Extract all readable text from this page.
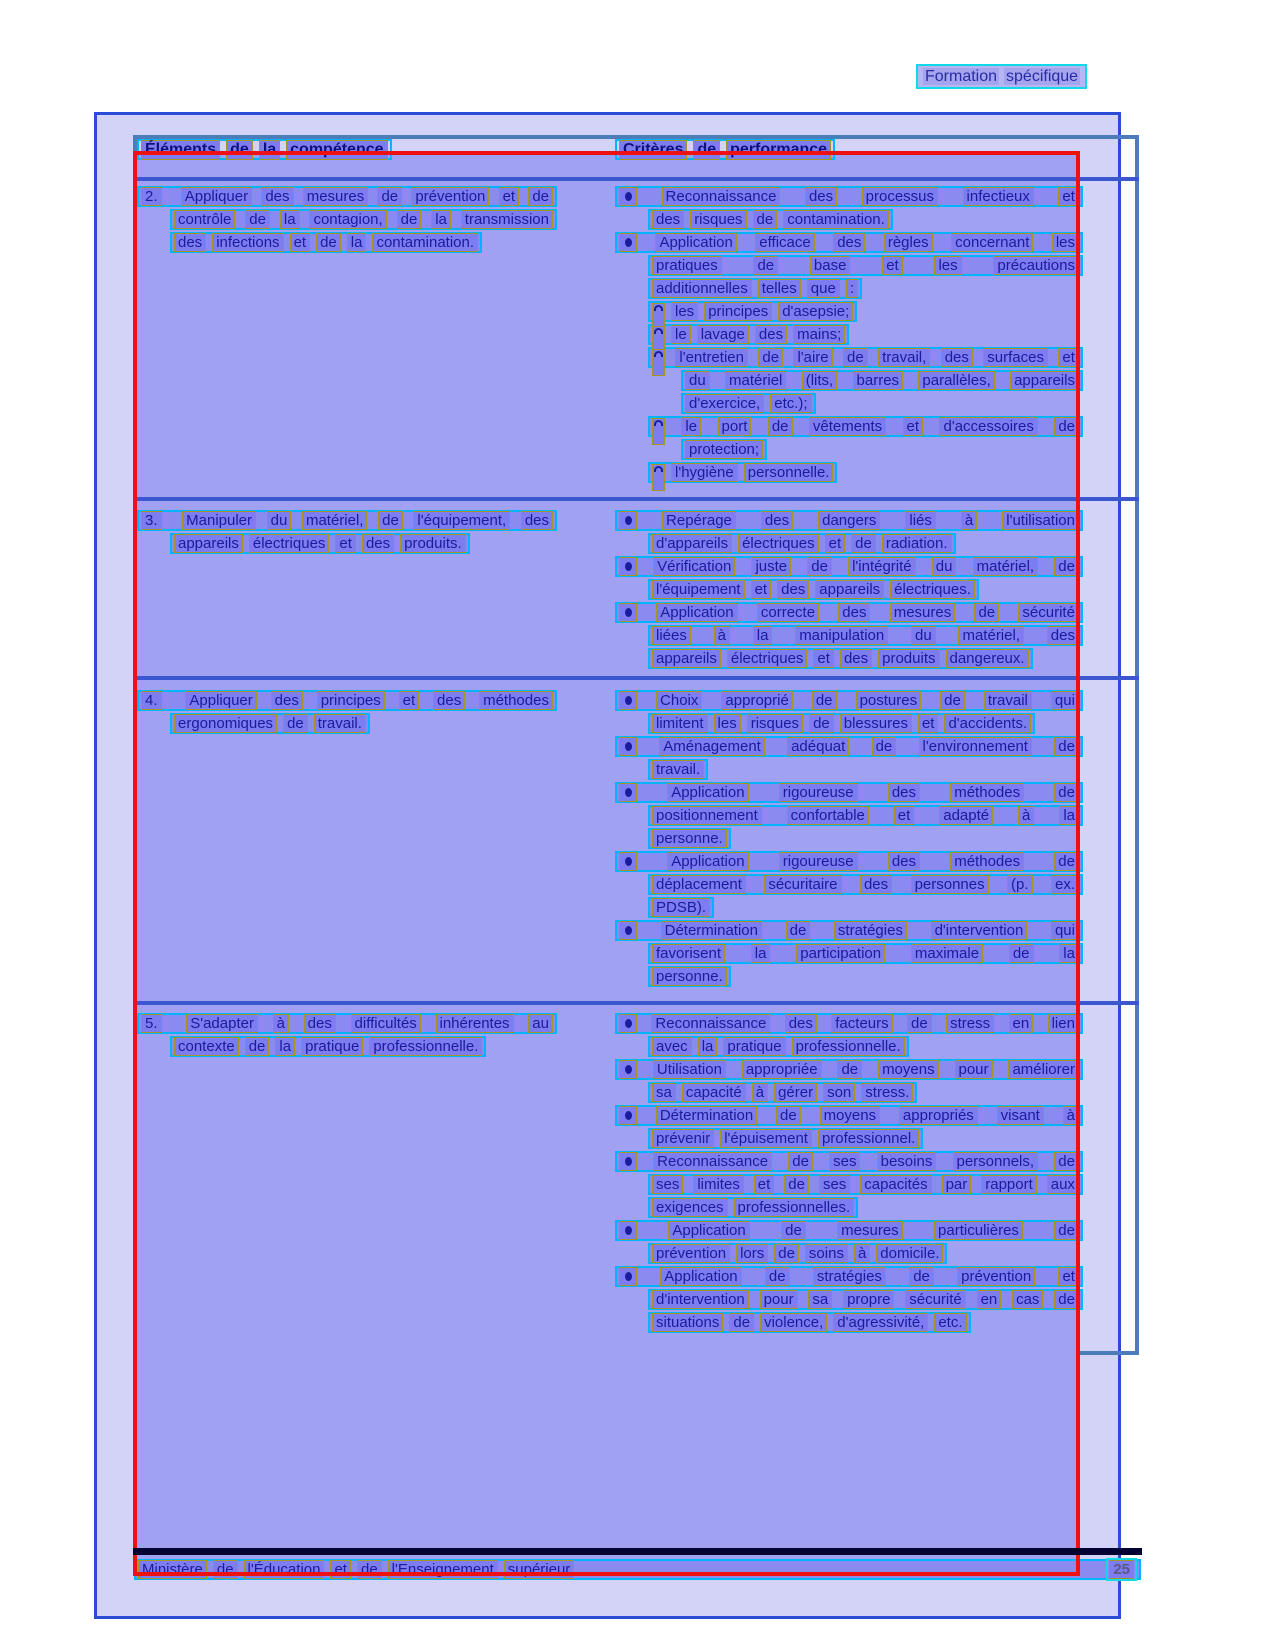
Formation spécifique
Éléments de la compétence	Critères de performance
2. Appliquer des mesures de prévention et de
contrôle de la contagion, de la transmission
des infections et de la contamination.
Reconnaissance des processus infectieux et
des risques de contamination.
Application efficace des règles concernant les
pratiques	de	base	et	les	précautions
additionnelles telles que :
les principes d'asepsie;
le lavage des mains;
l'entretien de l'aire de travail, des surfaces et
du matériel (lits, barres parallèles, appareils
d'exercice, etc.);
le port de vêtements et d'accessoires de
protection;
l'hygiène personnelle.
3. Manipuler du matériel, de l'équipement, des
appareils électriques et des produits.
Repérage des dangers liés à l'utilisation
d'appareils électriques et de radiation.
Vérification juste de l'intégrité du matériel, de
l'équipement et des appareils électriques.
Application correcte des mesures de sécurité
liées à la manipulation du matériel, des
appareils électriques et des produits dangereux.
4. Appliquer des principes et des méthodes
ergonomiques de travail.
Choix approprié de postures de travail qui
limitent les risques de blessures et d'accidents.
Aménagement adéquat de l'environnement de
travail.
Application	rigoureuse	des	méthodes	de
positionnement confortable et adapté à la
personne.
Application	rigoureuse	des	méthodes	de
déplacement sécuritaire des personnes (p. ex.
PDSB).
Détermination de stratégies d'intervention qui
favorisent la participation maximale de la
personne.
5. S'adapter à des difficultés inhérentes au
contexte de la pratique professionnelle.
Reconnaissance des facteurs de stress en lien
avec la pratique professionnelle.
Utilisation appropriée de moyens pour améliorer
sa capacité à gérer son stress.
Détermination de moyens appropriés visant à
prévenir l'épuisement professionnel.
Reconnaissance de ses besoins personnels, de
ses limites et de ses capacités par rapport aux
exigences professionnelles.
Application	de	mesures	particulières	de
prévention lors de soins à domicile.
Application de stratégies de prévention et
d'intervention pour sa propre sécurité en cas de
situations de violence, d'agressivité, etc.
Ministère de l'Éducation et de l'Enseignement supérieur	25
